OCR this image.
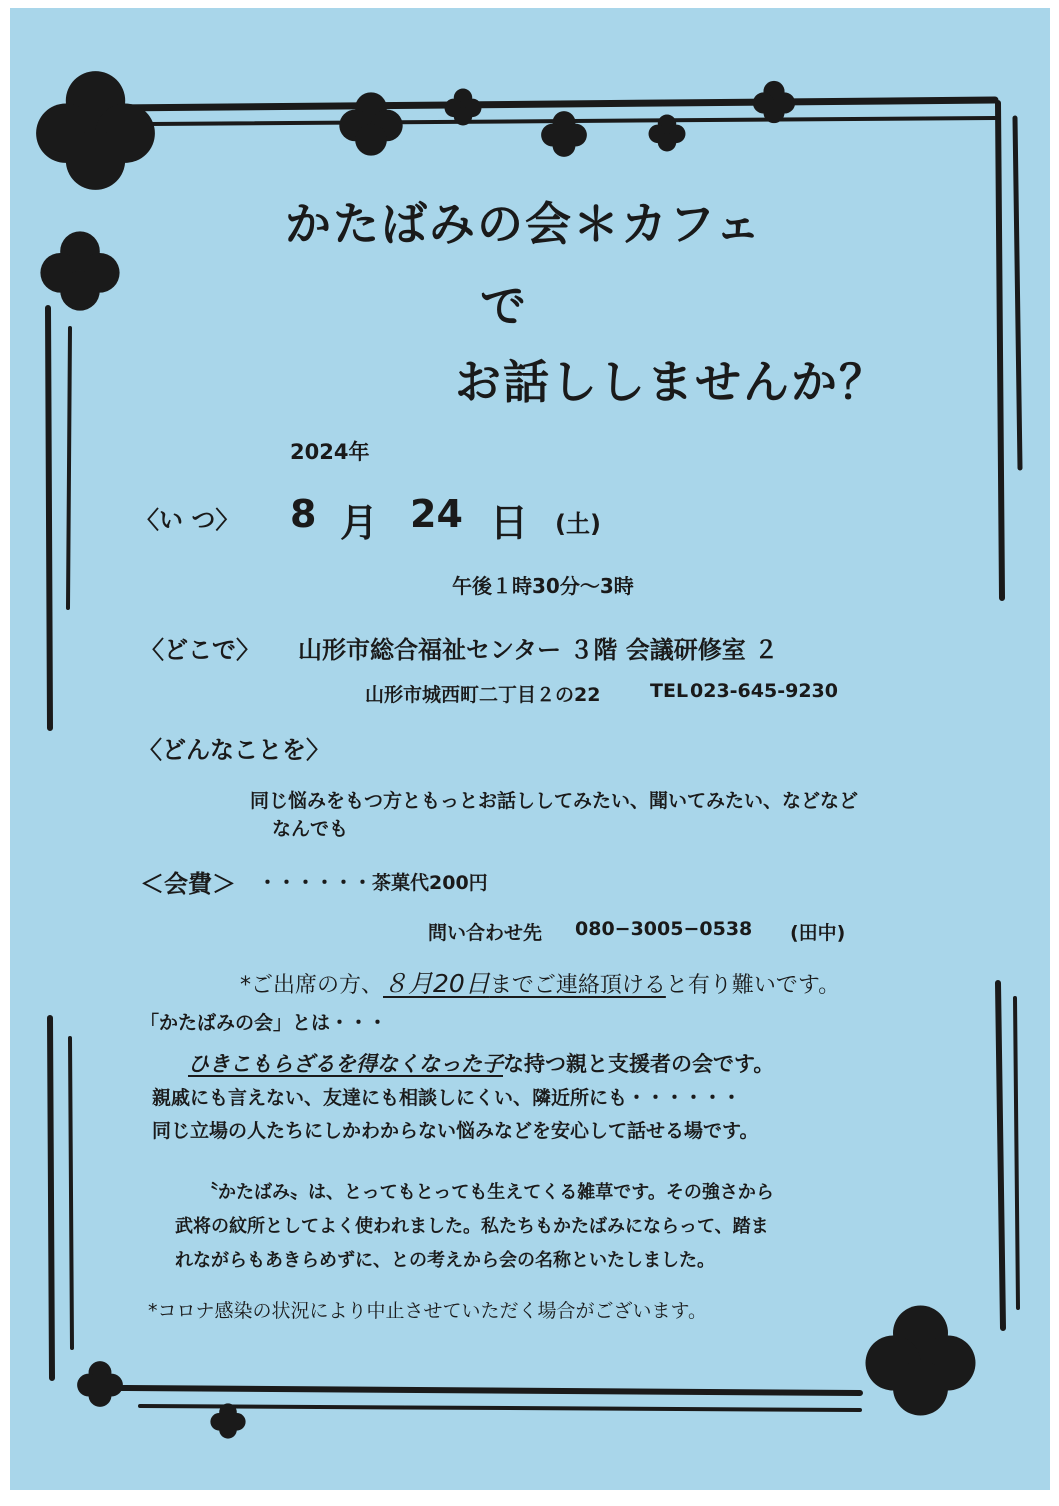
かたばみの会＊カフェ
で
お話ししませんか？
2024年
〈い つ〉 8 月 24 日 (土)
午後１時30分～3時
〈どこで〉 山形市総合福祉センター ３階 会議研修室 ２
山形市城西町二丁目２の22	TEL 023-645-9230
〈どんなことを〉
同じ悩みをもつ方ともっとお話ししてみたい、聞いてみたい、などなど
なんでも
＜会費＞ ・・・・・・茶菓代200円
問い合わせ先 080−3005−0538 (田中)
*ご出席の方、８月20日までご連絡頂けると有り難いです。
「かたばみの会」とは・・・
ひきこもらざるを得なくなった子な持つ親と支援者の会です。
親戚にも言えない、友達にも相談しにくい、隣近所にも・・・・・・
同じ立場の人たちにしかわからない悩みなどを安心して話せる場です。
〝かたばみ〟は、とってもとっても生えてくる雑草です。その強さから
武将の紋所としてよく使われました。私たちもかたばみにならって、踏ま
れながらもあきらめずに、との考えから会の名称といたしました。
*コロナ感染の状況により中止させていただく場合がございます。
